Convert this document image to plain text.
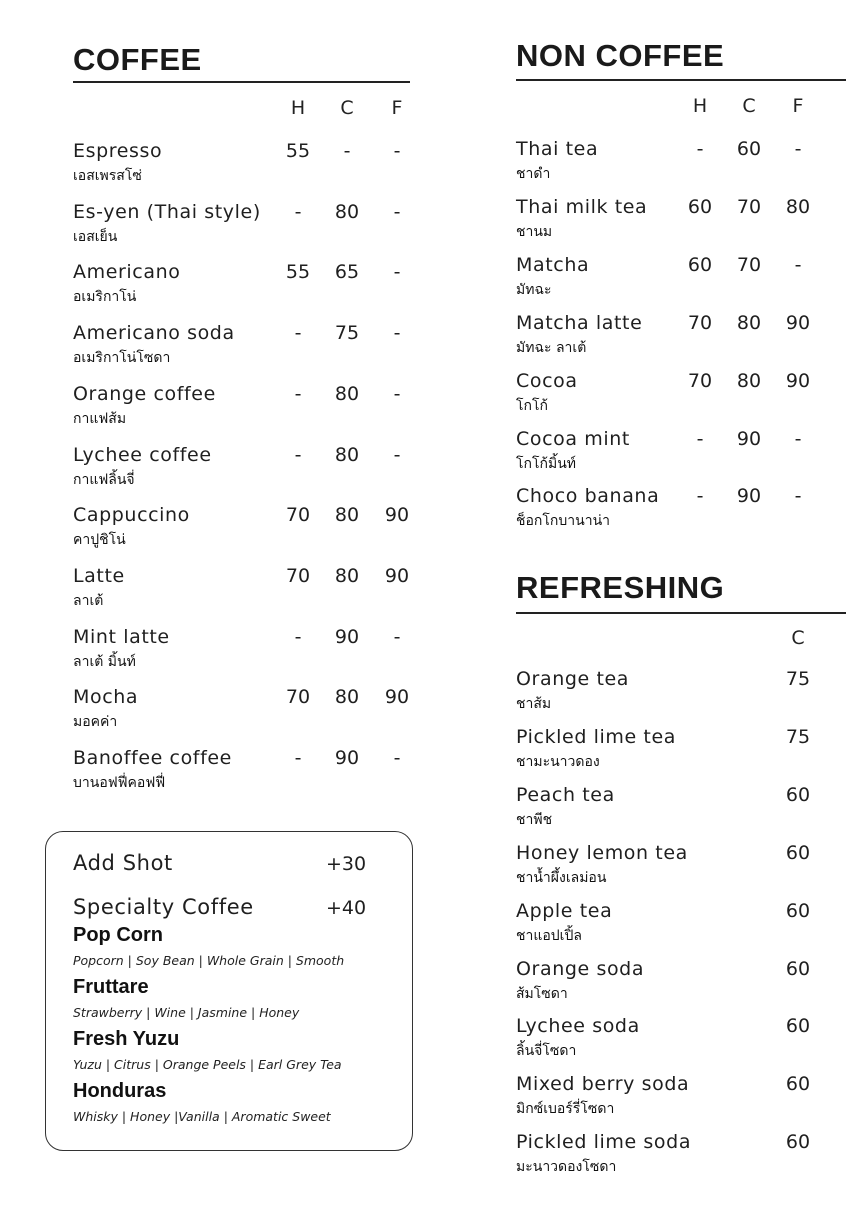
COFFEE
H	C	F
Espresso
เอสเพรสโซ่
55	-	-
Es-yen (Thai style)
เอสเย็น
-	80	-
Americano
อเมริกาโน่
55	65	-
Americano soda
อเมริกาโน่โซดา
-	75	-
Orange coffee
กาแฟส้ม
-	80	-
Lychee coffee
กาแฟลิ้นจี่
-	80	-
Cappuccino
คาปูชิโน่
70	80	90
Latte
ลาเต้
70	80	90
Mint latte
ลาเต้ มิ้นท์
-	90	-
Mocha
มอคค่า
70	80	90
Banoffee coffee
บานอฟฟี่คอฟฟี่
-	90	-
Add Shot	+30
Specialty Coffee	+40
Pop Corn
Popcorn | Soy Bean | Whole Grain | Smooth
Fruttare
Strawberry | Wine | Jasmine | Honey
Fresh Yuzu
Yuzu | Citrus | Orange Peels | Earl Grey Tea
Honduras
Whisky | Honey |Vanilla | Aromatic Sweet
NON COFFEE
H	C	F
Thai tea
ชาดำ
-	60	-
Thai milk tea
ชานม
60	70	80
Matcha
มัทฉะ
60	70	-
Matcha latte
มัทฉะ ลาเต้
70	80	90
Cocoa
โกโก้
70	80	90
Cocoa mint
โกโก้มิ้นท์
-	90	-
Choco banana
ช็อกโกบานาน่า
-	90	-
REFRESHING
C
Orange tea
ชาส้ม
75
Pickled lime tea
ชามะนาวดอง
75
Peach tea
ชาพีช
60
Honey lemon tea
ชาน้ำผึ้งเลม่อน
60
Apple tea
ชาแอปเปิ้ล
60
Orange soda
ส้มโซดา
60
Lychee soda
ลิ้นจี่โซดา
60
Mixed berry soda
มิกซ์เบอร์รี่โซดา
60
Pickled lime soda
มะนาวดองโซดา
60
